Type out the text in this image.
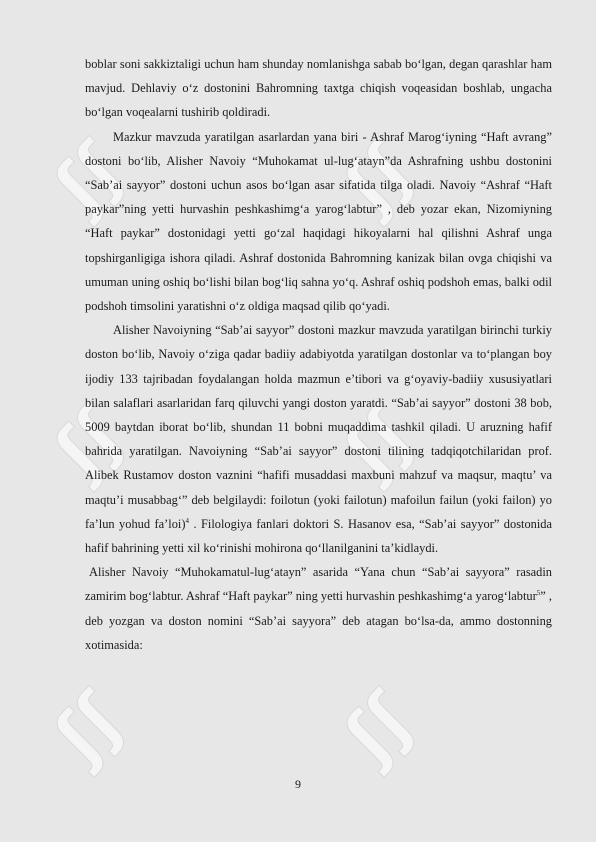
ʃʃ	ʃʃ
ʃʃ	ʃʃ
ʃʃ	ʃʃ

boblar soni sakkiztaligi uchun ham shunday nomlanishga sabab bo‘lgan, degan qarashlar ham mavjud. Dehlaviy o‘z dostonini Bahromning taxtga chiqish voqeasidan boshlab, ungacha bo‘lgan voqealarni tushirib qoldiradi.

Mazkur mavzuda yaratilgan asarlardan yana biri - Ashraf Marog‘iyning “Haft avrang” dostoni bo‘lib, Alisher Navoiy “Muhokamat ul-lug‘atayn”da Ashrafning ushbu dostonini “Sab’ai sayyor” dostoni uchun asos bo‘lgan asar sifatida tilga oladi. Navoiy “Ashraf “Haft paykar”ning yetti hurvashin peshkashimg‘a yarog‘labtur” , deb yozar ekan, Nizomiyning “Haft paykar” dostonidagi yetti go‘zal haqidagi hikoyalarni hal qilishni Ashraf unga topshirganligiga ishora qiladi. Ashraf dostonida Bahromning kanizak bilan ovga chiqishi va umuman uning oshiq bo‘lishi bilan bog‘liq sahna yo‘q. Ashraf oshiq podshoh emas, balki odil podshoh timsolini yaratishni o‘z oldiga maqsad qilib qo‘yadi.

Alisher Navoiyning “Sab’ai sayyor” dostoni mazkur mavzuda yaratilgan birinchi turkiy doston bo‘lib, Navoiy o‘ziga qadar badiiy adabiyotda yaratilgan dostonlar va to‘plangan boy ijodiy 133 tajribadan foydalangan holda mazmun e’tibori va g‘oyaviy-badiiy xususiyatlari bilan salaflari asarlaridan farq qiluvchi yangi doston yaratdi. “Sab’ai sayyor” dostoni 38 bob, 5009 baytdan iborat bo‘lib, shundan 11 bobni muqaddima tashkil qiladi. U aruzning hafif bahrida yaratilgan. Navoiyning “Sab’ai sayyor” dostoni tilining tadqiqotchilaridan prof. Alibek Rustamov doston vaznini “hafifi musaddasi maxbuni mahzuf va maqsur, maqtu’ va maqtu’i musabbag‘” deb belgilaydi: foilotun (yoki failotun) mafoilun failun (yoki failon) yo fa’lun yohud fa’loi)$^4$ . Filologiya fanlari doktori S. Hasanov esa, “Sab’ai sayyor” dostonida hafif bahrining yetti xil ko‘rinishi mohirona qo‘llanilganini ta’kidlaydi.

Alisher Navoiy “Muhokamatul-lug‘atayn” asarida “Yana chun “Sab’ai sayyora” rasadin zamirim bog‘labtur. Ashraf “Haft paykar” ning yetti hurvashin peshkashimg‘a yarog‘labtur$^5$” , deb yozgan va doston nomini “Sab’ai sayyora” deb atagan bo‘lsa-da, ammo dostonning xotimasida:

9
